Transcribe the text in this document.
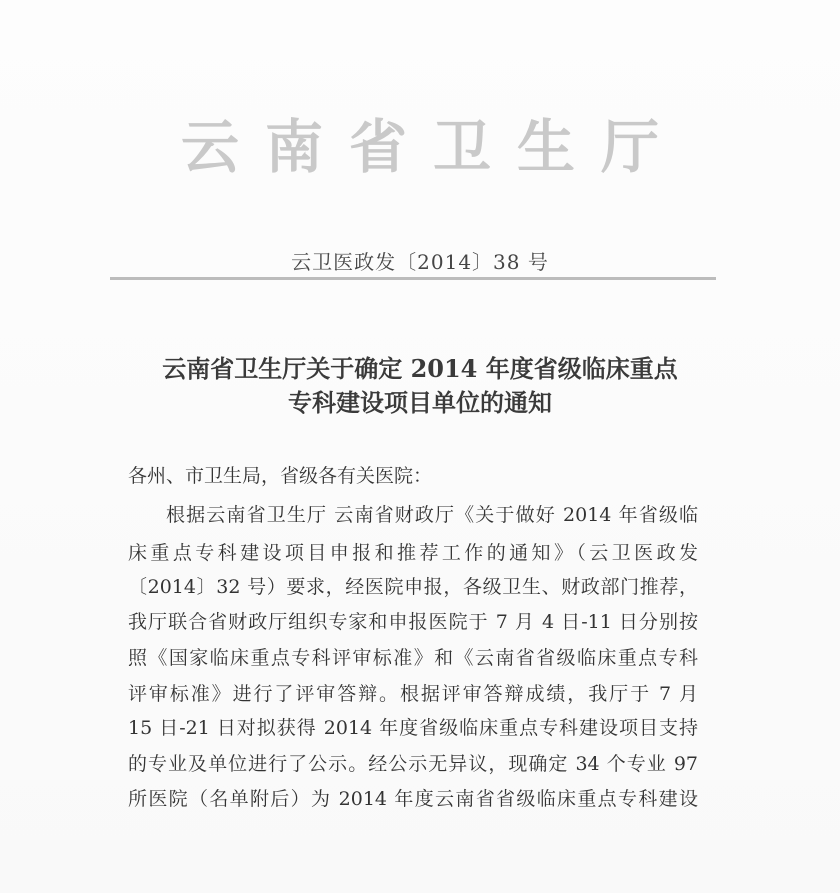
云南省卫生厅
云卫医政发〔2014〕38 号
云南省卫生厅关于确定 2014 年度省级临床重点
专科建设项目单位的通知
各州、市卫生局，省级各有关医院：
根据云南省卫生厅 云南省财政厅《关于做好 2014 年省级临
床重点专科建设项目申报和推荐工作的通知》（云卫医政发
〔2014〕32 号）要求，经医院申报，各级卫生、财政部门推荐，
我厅联合省财政厅组织专家和申报医院于 7 月 4 日-11 日分别按
照《国家临床重点专科评审标准》和《云南省省级临床重点专科
评审标准》进行了评审答辩。根据评审答辩成绩，我厅于 7 月
15 日-21 日对拟获得 2014 年度省级临床重点专科建设项目支持
的专业及单位进行了公示。经公示无异议，现确定 34 个专业 97
所医院（名单附后）为 2014 年度云南省省级临床重点专科建设
